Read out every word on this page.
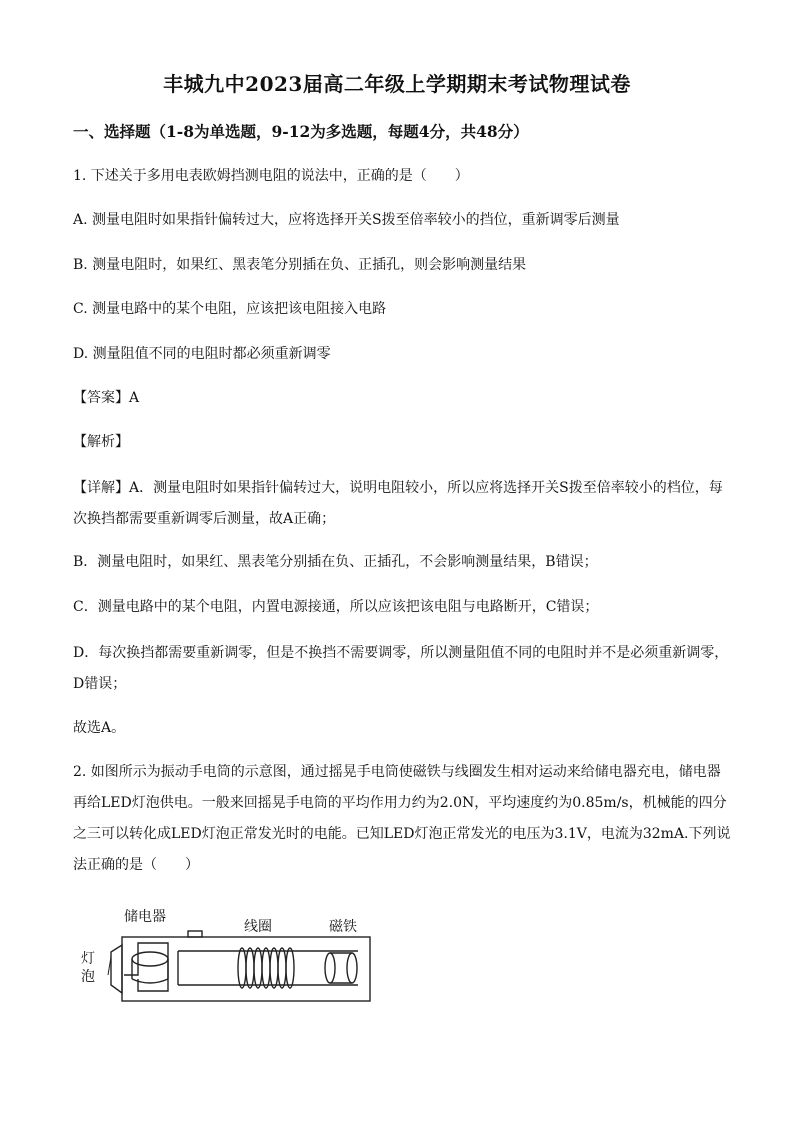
丰城九中2023届高二年级上学期期末考试物理试卷
一、选择题（1-8为单选题，9-12为多选题，每题4分，共48分）
1. 下述关于多用电表欧姆挡测电阻的说法中，正确的是（　　）
A. 测量电阻时如果指针偏转过大，应将选择开关S拨至倍率较小的挡位，重新调零后测量
B. 测量电阻时，如果红、黑表笔分别插在负、正插孔，则会影响测量结果
C. 测量电路中的某个电阻，应该把该电阻接入电路
D. 测量阻值不同的电阻时都必须重新调零
【答案】A
【解析】
【详解】A．测量电阻时如果指针偏转过大，说明电阻较小，所以应将选择开关S拨至倍率较小的档位，每次换挡都需要重新调零后测量，故A正确；
B．测量电阻时，如果红、黑表笔分别插在负、正插孔，不会影响测量结果，B错误；
C．测量电路中的某个电阻，内置电源接通，所以应该把该电阻与电路断开，C错误；
D．每次换挡都需要重新调零，但是不换挡不需要调零，所以测量阻值不同的电阻时并不是必须重新调零，D错误；
故选A。
2. 如图所示为振动手电筒的示意图，通过摇晃手电筒使磁铁与线圈发生相对运动来给储电器充电，储电器再给LED灯泡供电。一般来回摇晃手电筒的平均作用力约为2.0N，平均速度约为0.85m/s，机械能的四分之三可以转化成LED灯泡正常发光时的电能。已知LED灯泡正常发光的电压为3.1V，电流为32mA.下列说法正确的是（　　）
储电器
线圈	磁铁
灯
泡
